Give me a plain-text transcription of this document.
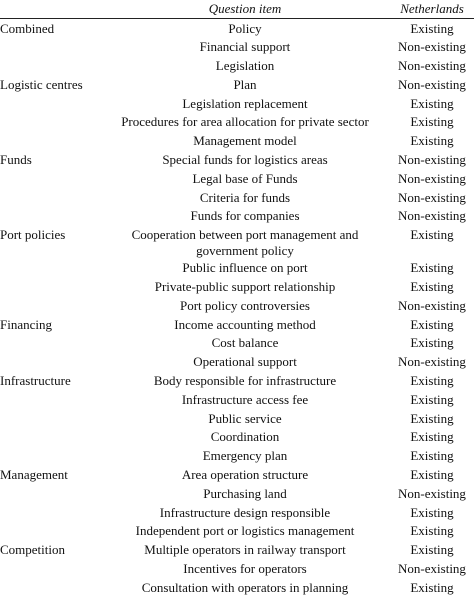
	Question item	Netherlands
Combined	Policy	Existing
	Financial support	Non-existing
	Legislation	Non-existing
Logistic centres	Plan	Non-existing
	Legislation replacement	Existing
	Procedures for area allocation for private sector	Existing
	Management model	Existing
Funds	Special funds for logistics areas	Non-existing
	Legal base of Funds	Non-existing
	Criteria for funds	Non-existing
	Funds for companies	Non-existing
Port policies	Cooperation between port management and government policy	Existing
	Public influence on port	Existing
	Private-public support relationship	Existing
	Port policy controversies	Non-existing
Financing	Income accounting method	Existing
	Cost balance	Existing
	Operational support	Non-existing
Infrastructure	Body responsible for infrastructure	Existing
	Infrastructure access fee	Existing
	Public service	Existing
	Coordination	Existing
	Emergency plan	Existing
Management	Area operation structure	Existing
	Purchasing land	Non-existing
	Infrastructure design responsible	Existing
	Independent port or logistics management	Existing
Competition	Multiple operators in railway transport	Existing
	Incentives for operators	Non-existing
	Consultation with operators in planning	Existing
